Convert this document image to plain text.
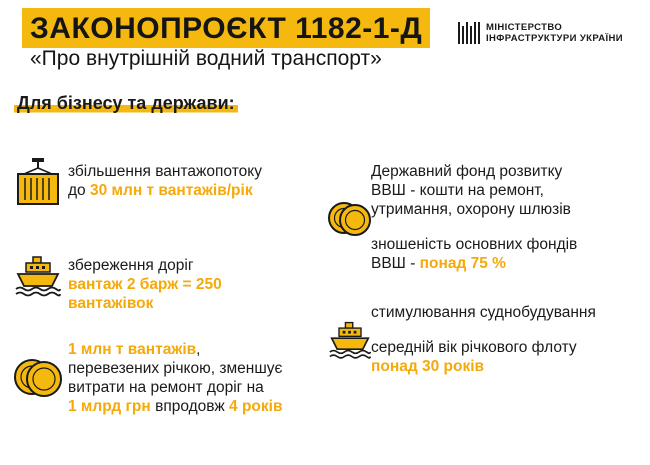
ЗАКОНОПРОЄКТ 1182-1-Д
«Про внутрішній водний транспорт»
МІНІСТЕРСТВО
ІНФРАСТРУКТУРИ УКРАЇНИ
Для бізнесу та держави:
збільшення вантажопотоку
до 30 млн т вантажів/рік
збереження доріг
вантаж 2 барж = 250
вантажівок
1 млн т вантажів,
перевезених річкою, зменшує
витрати на ремонт доріг на
1 млрд грн впродовж 4 років
Державний фонд розвитку
ВВШ - кошти на ремонт,
утримання, охорону шлюзів
зношеність основних фондів
ВВШ - понад 75 %
стимулювання суднобудування
середній вік річкового флоту
понад 30 років
